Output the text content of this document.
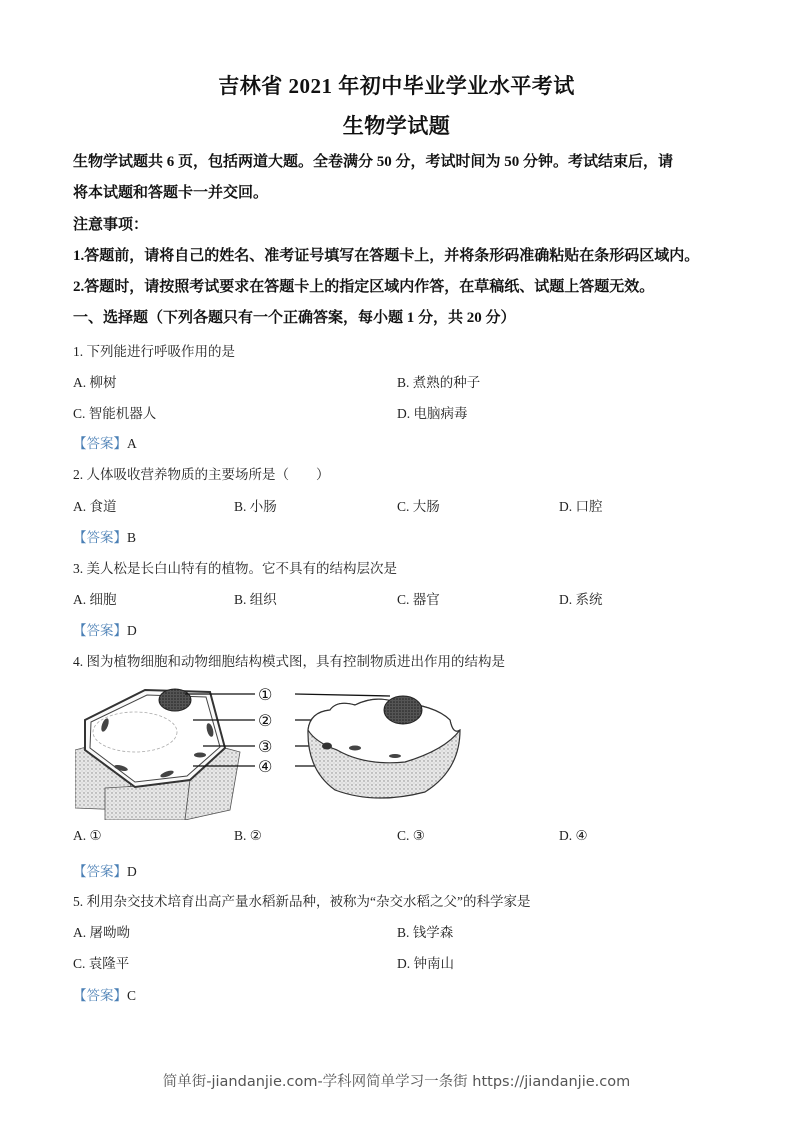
吉林省 2021 年初中毕业学业水平考试
生物学试题
生物学试题共 6 页，包括两道大题。全卷满分 50 分，考试时间为 50 分钟。考试结束后，请
将本试题和答题卡一并交回。
注意事项：
1.答题前，请将自己的姓名、准考证号填写在答题卡上，并将条形码准确粘贴在条形码区域内。
2.答题时，请按照考试要求在答题卡上的指定区域内作答，在草稿纸、试题上答题无效。
一、选择题（下列各题只有一个正确答案，每小题 1 分，共 20 分）
1. 下列能进行呼吸作用的是
A. 柳树	B. 煮熟的种子
C. 智能机器人	D. 电脑病毒
【答案】A
2. 人体吸收营养物质的主要场所是（　　）
A. 食道	B. 小肠	C. 大肠	D. 口腔
【答案】B
3. 美人松是长白山特有的植物。它不具有的结构层次是
A. 细胞	B. 组织	C. 器官	D. 系统
【答案】D
4. 图为植物细胞和动物细胞结构模式图，具有控制物质进出作用的结构是
①
②
③
④
A. ①	B. ②	C. ③	D. ④
【答案】D
5. 利用杂交技术培育出高产量水稻新品种，被称为“杂交水稻之父”的科学家是
A. 屠呦呦	B. 钱学森
C. 袁隆平	D. 钟南山
【答案】C
简单街-jiandanjie.com-学科网简单学习一条街 https://jiandanjie.com
